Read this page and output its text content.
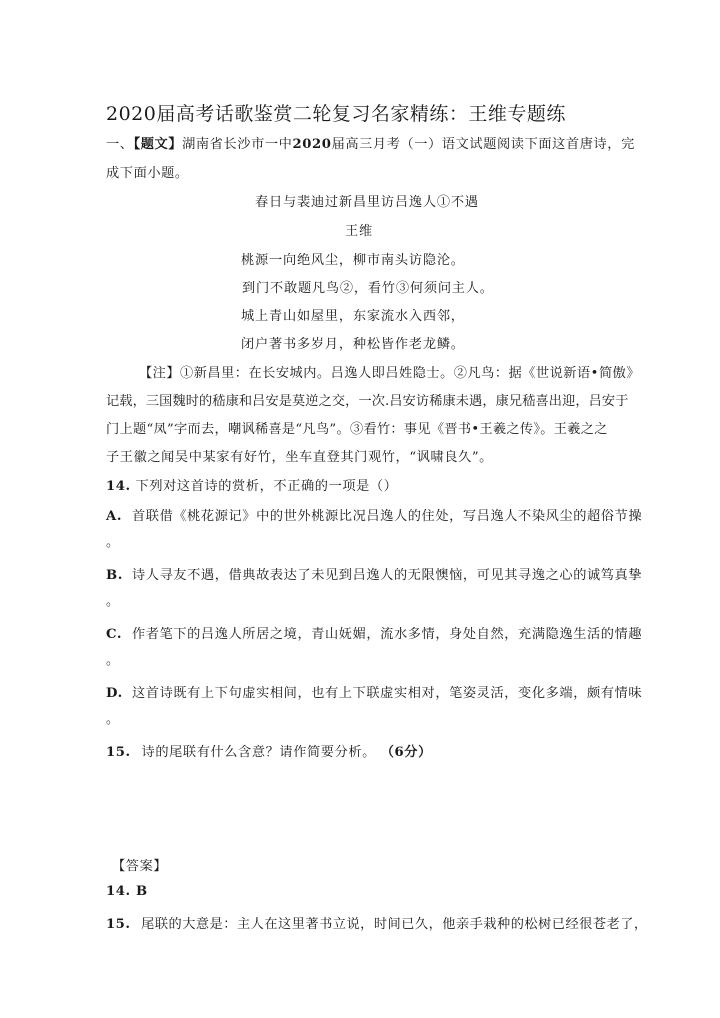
2020届高考话歌鉴赏二轮复习名家精练：王维专题练
一、【题文】湖南省长沙市一中2020届高三月考（一）语文试题阅读下面这首唐诗，完
成下面小题。
春日与裴迪过新昌里访吕逸人①不遇
王维
桃源一向绝风尘，柳市南头访隐沦。
到门不敢题凡鸟②，看竹③何须问主人。
城上青山如屋里，东家流水入西邻，
闭户著书多岁月，种松皆作老龙鳞。
【注】①新昌里：在长安城内。吕逸人即吕姓隐士。②凡鸟：据《世说新语•简傲》
记载，三国魏时的嵇康和吕安是莫逆之交，一次.吕安访稀康未遇，康兄嵇喜出迎，吕安于
门上题“凤”字而去，嘲讽稀喜是“凡鸟”。③看竹：事见《晋书•王羲之传》。王羲之之
子王徽之闻吴中某家有好竹，坐车直登其门观竹，“讽啸良久”。
14. 下列对这首诗的赏析，不正确的一项是（）
A. 首联借《桃花源记》中的世外桃源比况吕逸人的住处，写吕逸人不染风尘的超俗节操
。
B. 诗人寻友不遇，借典故表达了未见到吕逸人的无限懊恼，可见其寻逸之心的诚笃真挚
。
C. 作者笔下的吕逸人所居之境，青山妩媚，流水多情，身处自然，充满隐逸生活的情趣
。
D. 这首诗既有上下句虚实相间，也有上下联虚实相对，笔姿灵活，变化多端，颇有情味
。
15. 诗的尾联有什么含意？请作简要分析。 （6分）
【答案】
14. B
15. 尾联的大意是：主人在这里著书立说，时间已久，他亲手栽种的松树已经很苍老了，
